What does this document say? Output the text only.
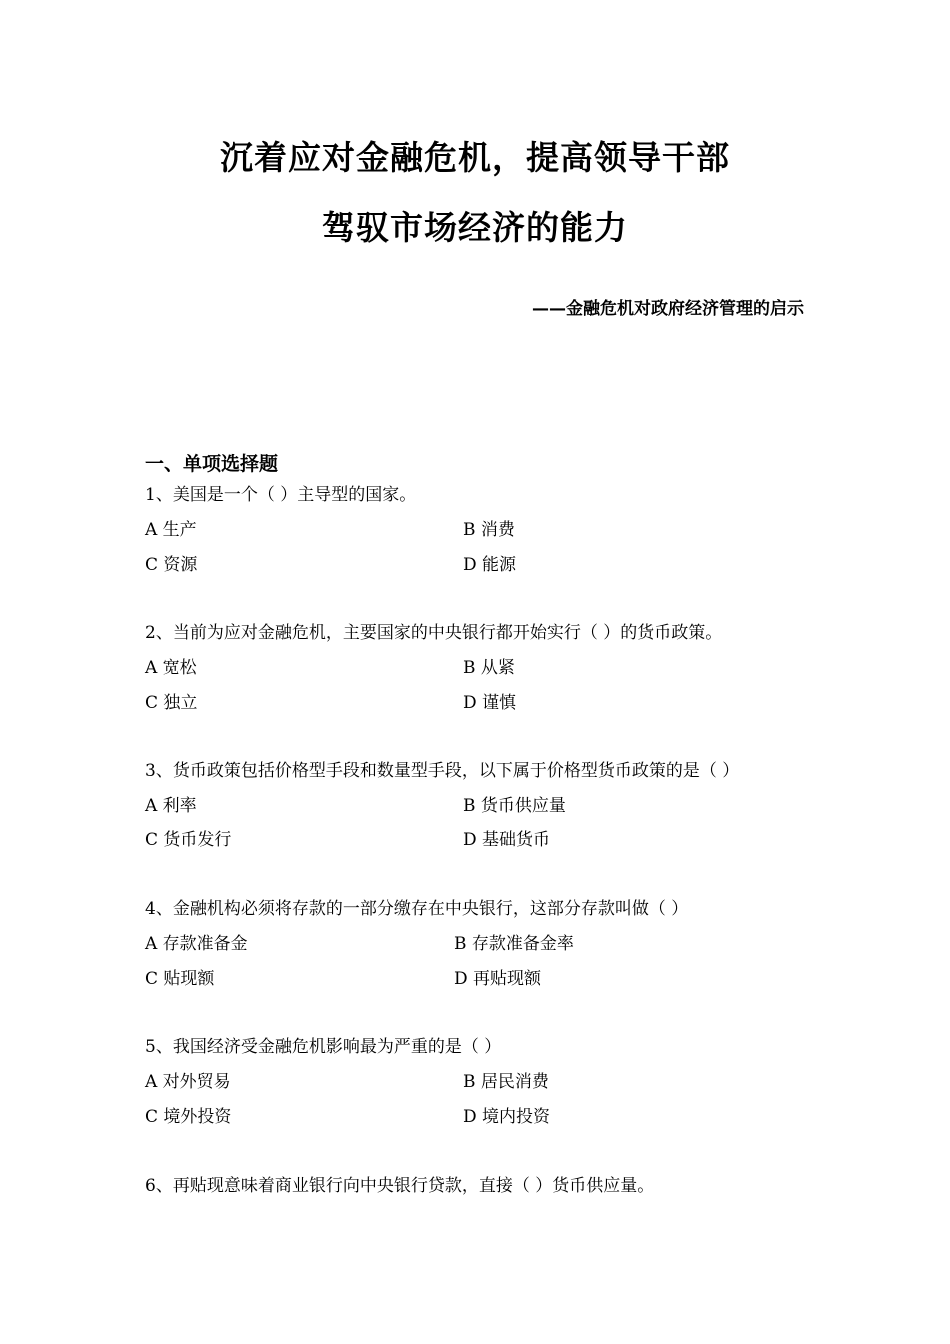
沉着应对金融危机，提高领导干部
驾驭市场经济的能力
——金融危机对政府经济管理的启示
一、单项选择题
1、美国是一个（ ）主导型的国家。
A 生产	B 消费
C 资源	D 能源
2、当前为应对金融危机，主要国家的中央银行都开始实行（ ）的货币政策。
A 宽松	B 从紧
C 独立	D 谨慎
3、货币政策包括价格型手段和数量型手段，以下属于价格型货币政策的是（ ）
A 利率	B 货币供应量
C 货币发行	D 基础货币
4、金融机构必须将存款的一部分缴存在中央银行，这部分存款叫做（ ）
A 存款准备金	B 存款准备金率
C 贴现额	D 再贴现额
5、我国经济受金融危机影响最为严重的是（ ）
A 对外贸易	B 居民消费
C 境外投资	D 境内投资
6、再贴现意味着商业银行向中央银行贷款，直接（ ）货币供应量。
